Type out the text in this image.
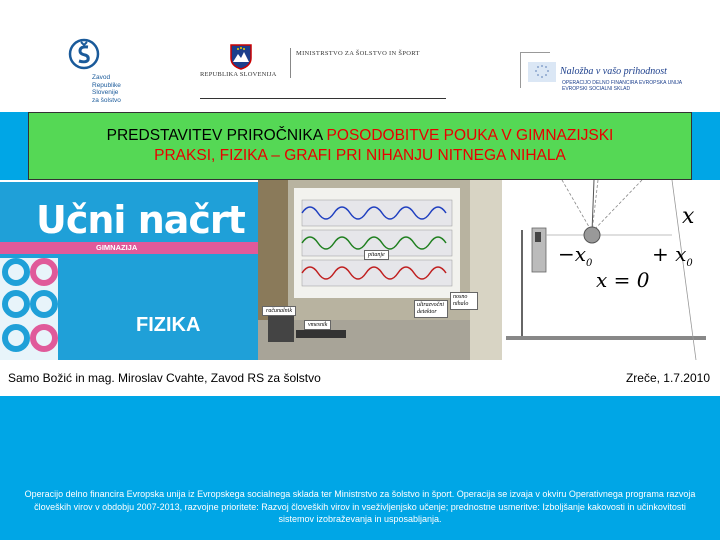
Zavod
Republike
Slovenije
za šolstvo
REPUBLIKA SLOVENIJA
MINISTRSTVO ZA ŠOLSTVO IN ŠPORT
Naložba v vašo prihodnost
OPERACIJO DELNO FINANCIRA EVROPSKA UNIJA
EVROPSKI SOCIALNI SKLAD
PREDSTAVITEV PRIROČNIKA POSODOBITVE POUKA V GIMNAZIJSKI
PRAKSI, FIZIKA – GRAFI PRI NIHANJU NITNEGA NIHALA
Učni načrt
GIMNAZIJA
FIZIKA
pitanje
nosno nihalo
ultrazvočni detektor
računalnik
vmesnik
x
$-x_0$	+ $x_0$
x = 0
Samo Božić in mag. Miroslav Cvahte, Zavod RS za šolstvo	Zreče, 1.7.2010
Operacijo delno financira Evropska unija iz Evropskega socialnega sklada ter Ministrstvo za šolstvo in šport. Operacija se izvaja v okviru Operativnega programa razvoja človeških virov v obdobju 2007-2013, razvojne prioritete: Razvoj človeških virov in vseživljenjsko učenje; prednostne usmeritve: Izboljšanje kakovosti in učinkovitosti sistemov izobraževanja in usposabljanja.
